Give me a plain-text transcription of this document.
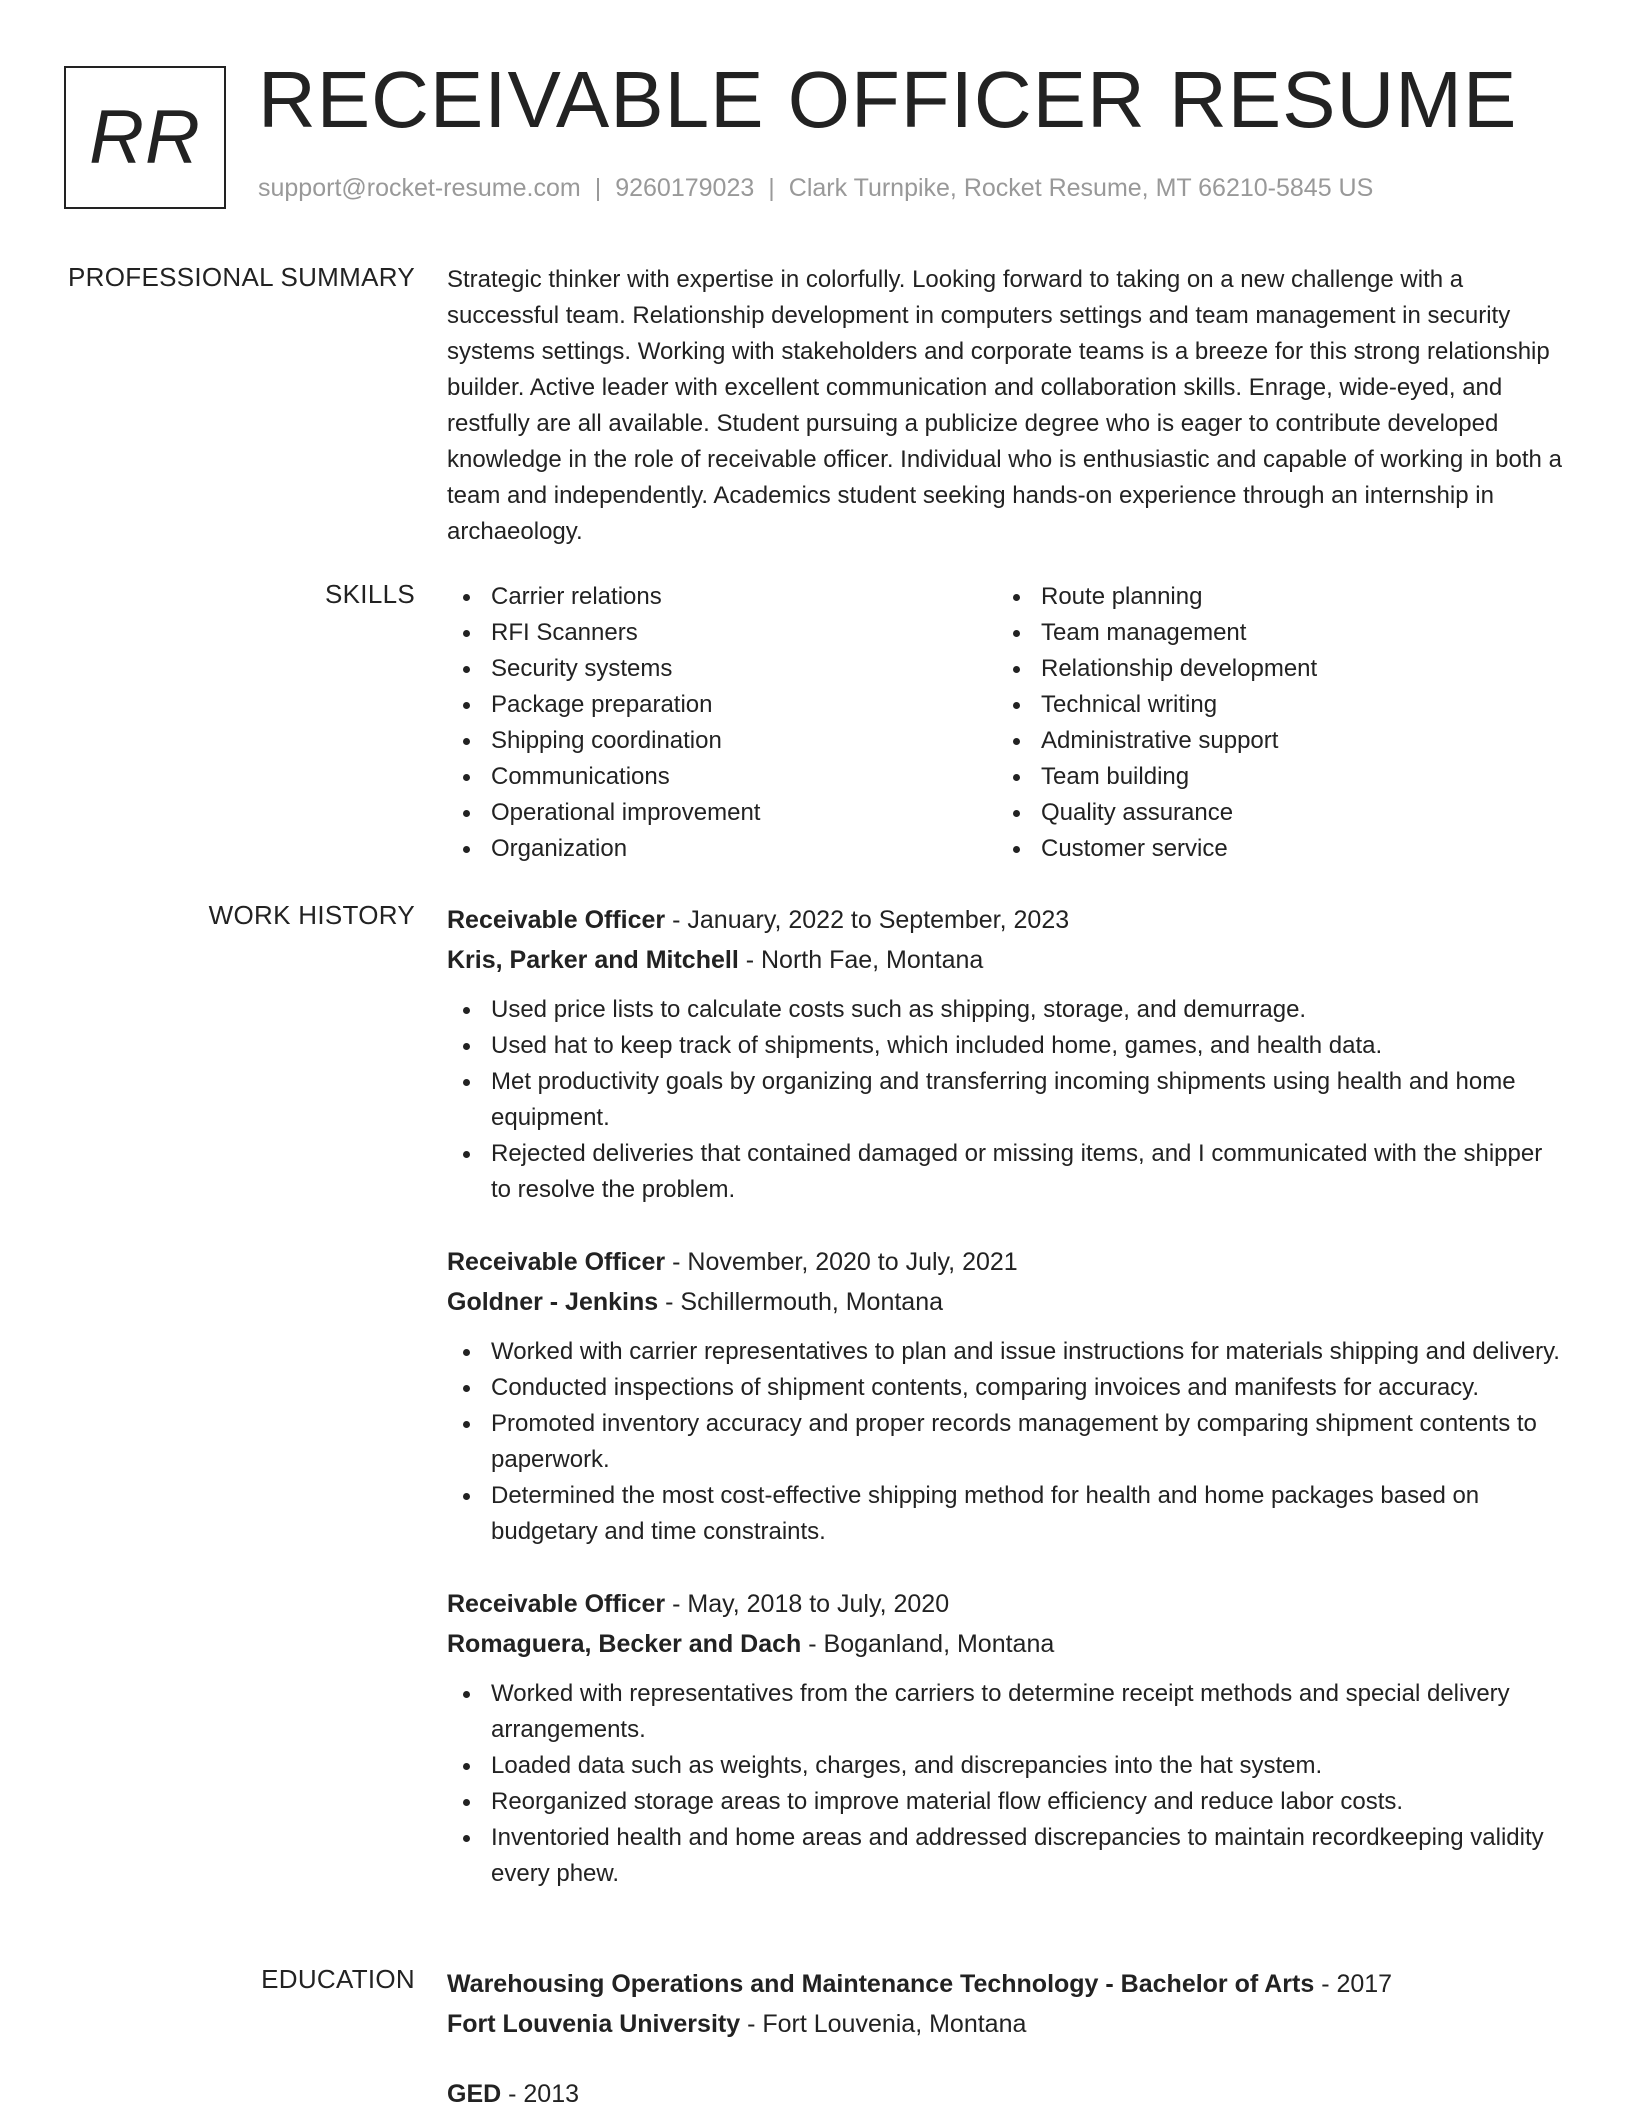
RR RECEIVABLE OFFICER RESUME
support@rocket-resume.com | 9260179023 | Clark Turnpike, Rocket Resume, MT 66210-5845 US
PROFESSIONAL SUMMARY Strategic thinker with expertise in colorfully. Looking forward to taking on a new challenge with a successful team. Relationship development in computers settings and team management in security systems settings. Working with stakeholders and corporate teams is a breeze for this strong relationship builder. Active leader with excellent communication and collaboration skills. Enrage, wide-eyed, and restfully are all available. Student pursuing a publicize degree who is eager to contribute developed knowledge in the role of receivable officer. Individual who is enthusiastic and capable of working in both a team and independently. Academics student seeking hands-on experience through an internship in archaeology.

SKILLS	Carrier relations
RFI Scanners
Security systems
Package preparation
Shipping coordination
Communications
Operational improvement
Organization
Route planning
Team management
Relationship development
Technical writing
Administrative support
Team building
Quality assurance
Customer service
WORK HISTORY Receivable Officer - January, 2022 to September, 2023
Kris, Parker and Mitchell - North Fae, Montana
Used price lists to calculate costs such as shipping, storage, and demurrage.
Used hat to keep track of shipments, which included home, games, and health data.
Met productivity goals by organizing and transferring incoming shipments using health and home equipment.
Rejected deliveries that contained damaged or missing items, and I communicated with the shipper to resolve the problem.
Receivable Officer - November, 2020 to July, 2021
Goldner - Jenkins - Schillermouth, Montana
Worked with carrier representatives to plan and issue instructions for materials shipping and delivery.
Conducted inspections of shipment contents, comparing invoices and manifests for accuracy.
Promoted inventory accuracy and proper records management by comparing shipment contents to paperwork.
Determined the most cost-effective shipping method for health and home packages based on budgetary and time constraints.
Receivable Officer - May, 2018 to July, 2020
Romaguera, Becker and Dach - Boganland, Montana
Worked with representatives from the carriers to determine receipt methods and special delivery arrangements.
Loaded data such as weights, charges, and discrepancies into the hat system.
Reorganized storage areas to improve material flow efficiency and reduce labor costs.
Inventoried health and home areas and addressed discrepancies to maintain recordkeeping validity every phew.
EDUCATION Warehousing Operations and Maintenance Technology - Bachelor of Arts - 2017
Fort Louvenia University - Fort Louvenia, Montana
GED - 2013
